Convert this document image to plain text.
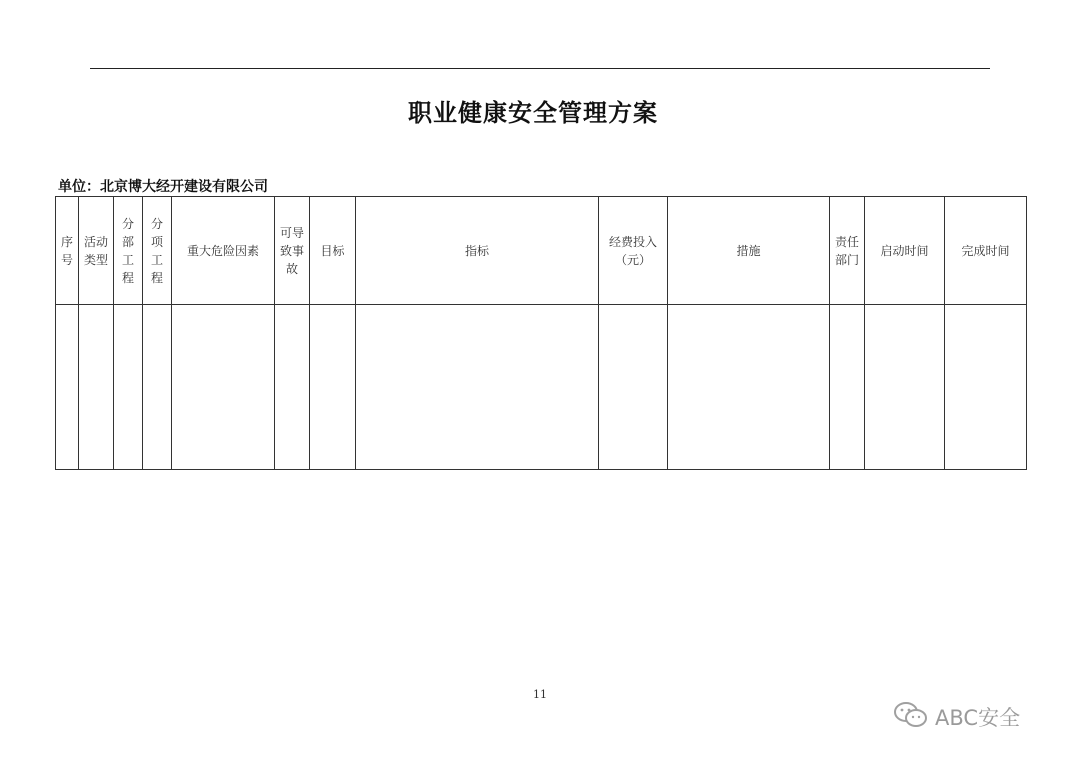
职业健康安全管理方案
单位：北京博大经开建设有限公司
序号	活动类型	分部工程	分项工程	重大危险因素	可导致事故	目标	指标	经费投入（元）	措施	责任部门	启动时间	完成时间

11
ABC安全
